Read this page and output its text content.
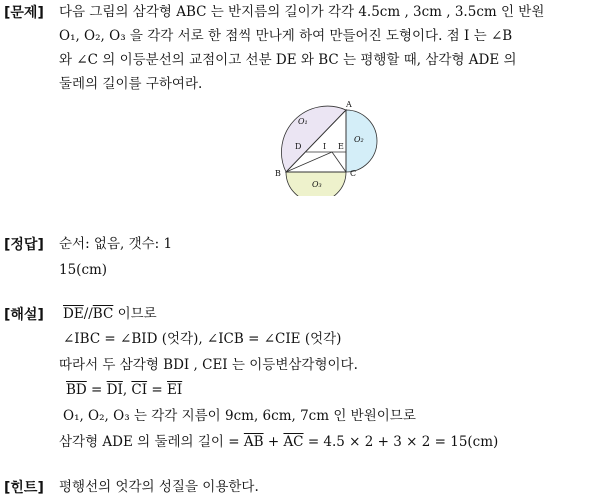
[문제] 다음 그림의 삼각형 ABC 는 반지름의 길이가 각각 4.5cm , 3cm , 3.5cm 인 반원
O₁, O₂, O₃ 을 각각 서로 한 점씩 만나게 하여 만들어진 도형이다. 점 I 는 ∠B
와 ∠C 의 이등분선의 교점이고 선분 DE 와 BC 는 평행할 때, 삼각형 ADE 의
둘레의 길이를 구하여라.
A
B	C
D	E
I
O₁
O₂
O₃
[정답] 순서: 없음, 갯수: 1
15(cm)
[해설] $\overline{DE}//\overline{BC}$ 이므로
∠IBC = ∠BID (엇각), ∠ICB = ∠CIE (엇각)
따라서 두 삼각형 BDI , CEI 는 이등변삼각형이다.
$\overline{BD} = \overline{DI}$, $\overline{CI} = \overline{EI}$
O₁, O₂, O₃ 는 각각 지름이 9cm, 6cm, 7cm 인 반원이므로
삼각형 ADE 의 둘레의 길이 = $\overline{AB} + \overline{AC} = 4.5 \times 2 + 3 \times 2 = 15(cm)$
[힌트] 평행선의 엇각의 성질을 이용한다.
